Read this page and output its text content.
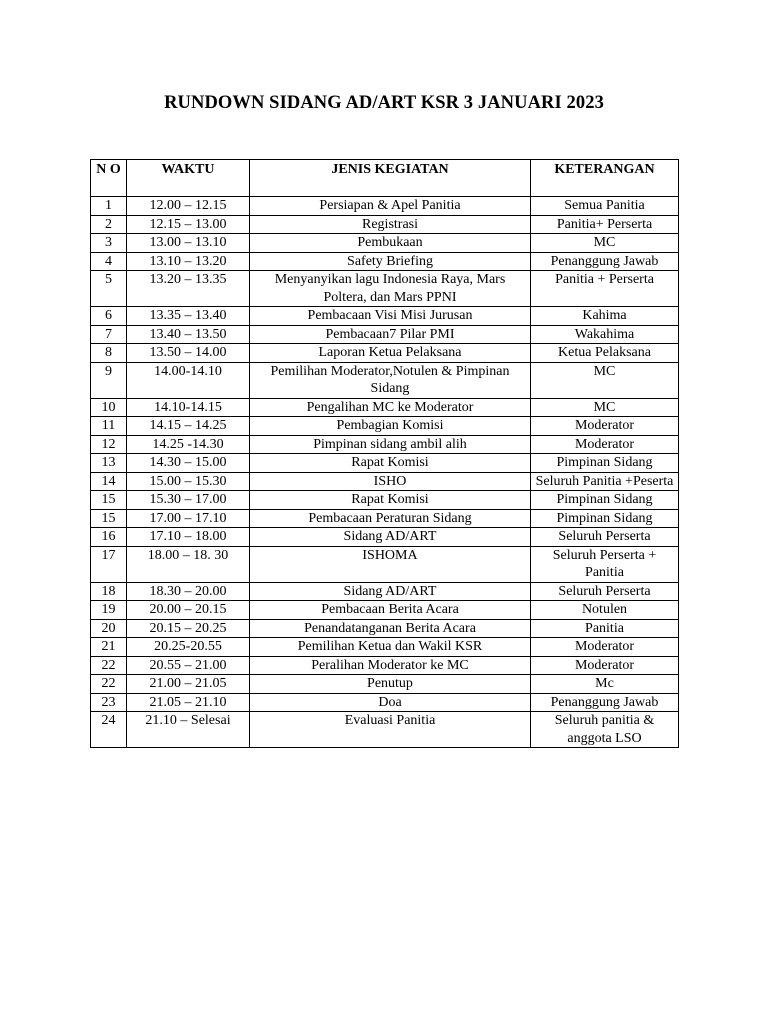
RUNDOWN SIDANG AD/ART KSR 3 JANUARI 2023
N O	WAKTU	JENIS KEGIATAN	KETERANGAN
1	12.00 – 12.15	Persiapan & Apel Panitia	Semua Panitia
2	12.15 – 13.00	Registrasi	Panitia+ Perserta
3	13.00 – 13.10	Pembukaan	MC
4	13.10 – 13.20	Safety Briefing	Penanggung Jawab
5	13.20 – 13.35	Menyanyikan lagu Indonesia Raya, Mars Poltera, dan Mars PPNI	Panitia + Perserta
6	13.35 – 13.40	Pembacaan Visi Misi Jurusan	Kahima
7	13.40 – 13.50	Pembacaan7 Pilar PMI	Wakahima
8	13.50 – 14.00	Laporan Ketua Pelaksana	Ketua Pelaksana
9	14.00-14.10	Pemilihan Moderator,Notulen & Pimpinan Sidang	MC
10	14.10-14.15	Pengalihan MC ke Moderator	MC
11	14.15 – 14.25	Pembagian Komisi	Moderator
12	14.25 -14.30	Pimpinan sidang ambil alih	Moderator
13	14.30 – 15.00	Rapat Komisi	Pimpinan Sidang
14	15.00 – 15.30	ISHO	Seluruh Panitia +Peserta
15	15.30 – 17.00	Rapat Komisi	Pimpinan Sidang
15	17.00 – 17.10	Pembacaan Peraturan Sidang	Pimpinan Sidang
16	17.10 – 18.00	Sidang AD/ART	Seluruh Perserta
17	18.00 – 18. 30	ISHOMA	Seluruh Perserta + Panitia
18	18.30 – 20.00	Sidang AD/ART	Seluruh Perserta
19	20.00 – 20.15	Pembacaan Berita Acara	Notulen
20	20.15 – 20.25	Penandatanganan Berita Acara	Panitia
21	20.25-20.55	Pemilihan Ketua dan Wakil KSR	Moderator
22	20.55 – 21.00	Peralihan Moderator ke MC	Moderator
22	21.00 – 21.05	Penutup	Mc
23	21.05 – 21.10	Doa	Penanggung Jawab
24	21.10 – Selesai	Evaluasi Panitia	Seluruh panitia & anggota LSO
